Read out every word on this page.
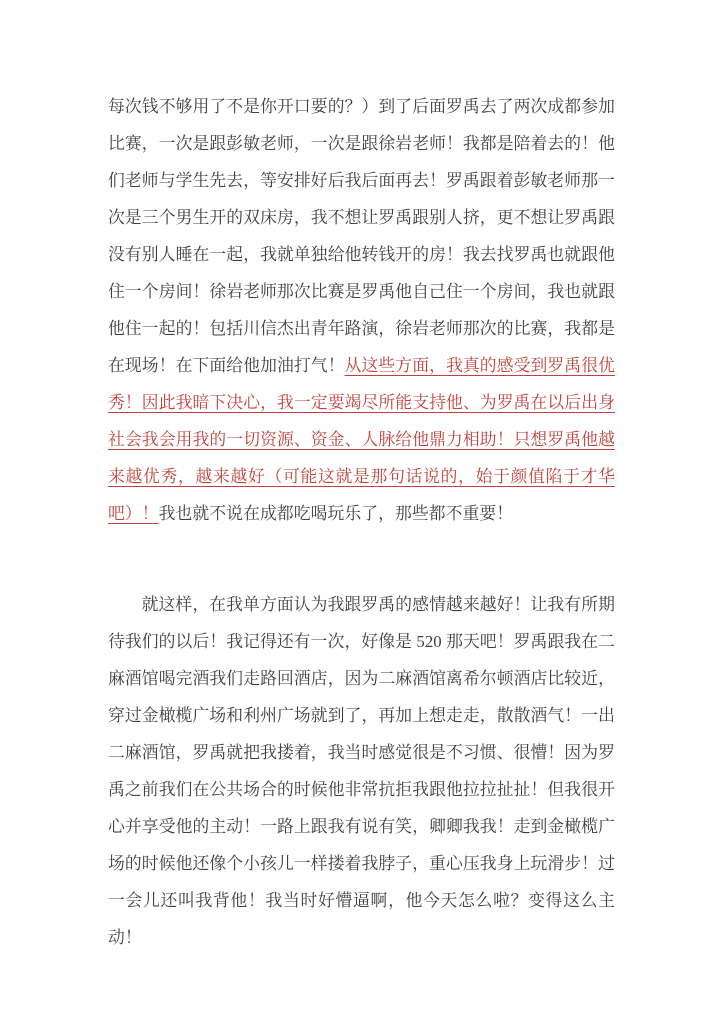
每次钱不够用了不是你开口要的？）到了后面罗禹去了两次成都参加比赛，一次是跟彭敏老师，一次是跟徐岩老师！我都是陪着去的！他们老师与学生先去，等安排好后我后面再去！罗禹跟着彭敏老师那一次是三个男生开的双床房，我不想让罗禹跟别人挤，更不想让罗禹跟没有别人睡在一起，我就单独给他转钱开的房！我去找罗禹也就跟他住一个房间！徐岩老师那次比赛是罗禹他自己住一个房间，我也就跟他住一起的！包括川信杰出青年路演，徐岩老师那次的比赛，我都是在现场！在下面给他加油打气！从这些方面，我真的感受到罗禹很优秀！因此我暗下决心，我一定要竭尽所能支持他、为罗禹在以后出身社会我会用我的一切资源、资金、人脉给他鼎力相助！只想罗禹他越来越优秀，越来越好（可能这就是那句话说的，始于颜值陷于才华吧）！我也就不说在成都吃喝玩乐了，那些都不重要！

就这样，在我单方面认为我跟罗禹的感情越来越好！让我有所期待我们的以后！我记得还有一次，好像是 520 那天吧！罗禹跟我在二麻酒馆喝完酒我们走路回酒店，因为二麻酒馆离希尔顿酒店比较近，穿过金橄榄广场和利州广场就到了，再加上想走走，散散酒气！一出二麻酒馆，罗禹就把我搂着，我当时感觉很是不习惯、很懵！因为罗禹之前我们在公共场合的时候他非常抗拒我跟他拉拉扯扯！但我很开心并享受他的主动！一路上跟我有说有笑，卿卿我我！走到金橄榄广场的时候他还像个小孩儿一样搂着我脖子，重心压我身上玩滑步！过一会儿还叫我背他！我当时好懵逼啊，他今天怎么啦？变得这么主动！
